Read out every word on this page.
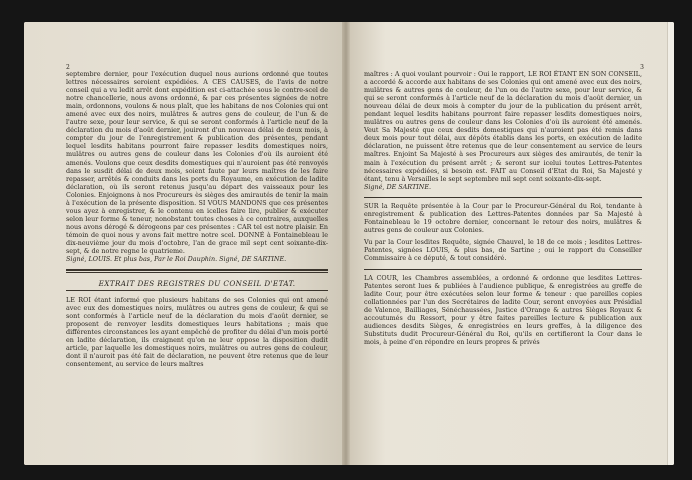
2

septembre dernier, pour l'exécution duquel nous aurions ordonné que toutes lettres nécessaires seroient expédiées. A CES CAUSES, de l'avis de notre conseil qui a vu ledit arrêt dont expédition est ci-attachée sous le contre-scel de notre chancellerie, nous avons ordonné, & par ces présentes signées de notre main, ordonnons, voulons & nous plaît, que les habitans de nos Colonies qui ont amené avec eux des noirs, mulâtres & autres gens de couleur, de l'un & de l'autre sexe, pour leur service, & qui se seront conformés à l'article neuf de la déclaration du mois d'août dernier, jouiront d'un nouveau délai de deux mois, à compter du jour de l'enregistrement & publication des présentes, pendant lequel lesdits habitans pourront faire repasser lesdits domestiques noirs, mulâtres ou autres gens de couleur dans les Colonies d'où ils auroient été amenés. Voulons que ceux desdits domestiques qui n'auroient pas été renvoyés dans le susdit délai de deux mois, soient faute par leurs maîtres de les faire repasser, arrêtés & conduits dans les ports du Royaume, en exécution de ladite déclaration, où ils seront retenus jusqu'au départ des vaisseaux pour les Colonies. Enjoignons à nos Procureurs ès sièges des amirautés de tenir la main à l'exécution de la présente disposition. SI VOUS MANDONS que ces présentes vous ayez à enregistrer, & le contenu en icelles faire lire, publier & exécuter selon leur forme & teneur, nonobstant toutes choses à ce contraires, auxquelles nous avons dérogé & dérogeons par ces présentes : CAR tel est notre plaisir. En témoin de quoi nous y avons fait mettre notre scel. DONNÉ à Fontainebleau le dix-neuvième jour du mois d'octobre, l'an de grace mil sept cent soixante-dix-sept, & de notre regne le quatrieme.

Signé, LOUIS. Et plus bas, Par le Roi Dauphin. Signé, DE SARTINE.

EXTRAIT DES REGISTRES DU CONSEIL D'ETAT.

LE ROI étant informé que plusieurs habitans de ses Colonies qui ont amené avec eux des domestiques noirs, mulâtres ou autres gens de couleur, & qui se sont conformés à l'article neuf de la déclaration du mois d'août dernier, se proposent de renvoyer lesdits domestiques leurs habitations ; mais que différentes circonstances les ayant empêché de profiter du délai d'un mois porté en ladite déclaration, ils craignent qu'on ne leur oppose la disposition dudit article, par laquelle les domestiques noirs, mulâtres ou autres gens de couleur, dont il n'auroit pas été fait de déclaration, ne peuvent être retenus que de leur consentement, au service de leurs maîtres

3

maîtres : A quoi voulant pourvoir : Oui le rapport, LE ROI ÉTANT EN SON CONSEIL, a accordé & accorde aux habitans de ses Colonies qui ont amené avec eux des noirs, mulâtres & autres gens de couleur, de l'un ou de l'autre sexe, pour leur service, & qui se seront conformés à l'article neuf de la déclaration du mois d'août dernier, un nouveau délai de deux mois à compter du jour de la publication du présent arrêt, pendant lequel lesdits habitans pourront faire repasser lesdits domestiques noirs, mulâtres ou autres gens de couleur dans les Colonies d'où ils auroient été amenés. Veut Sa Majesté que ceux desdits domestiques qui n'auroient pas été remis dans deux mois pour tout délai, aux dépôts établis dans les ports, en exécution de ladite déclaration, ne puissent être retenus que de leur consentement au service de leurs maîtres. Enjoint Sa Majesté à ses Procureurs aux sièges des amirautés, de tenir la main à l'exécution du présent arrêt ; & seront sur icelui toutes Lettres-Patentes nécessaires expédiées, si besoin est. FAIT au Conseil d'Etat du Roi, Sa Majesté y étant, tenu à Versailles le sept septembre mil sept cent soixante-dix-sept.

Signé, DE SARTINE.

SUR la Requête présentée à la Cour par le Procureur-Général du Roi, tendante à enregistrement & publication des Lettres-Patentes données par Sa Majesté à Fontainebleau le 19 octobre dernier, concernant le retour des noirs, mulâtres & autres gens de couleur aux Colonies.

Vu par la Cour lesdites Requête, signée Chauvel, le 18 de ce mois ; lesdites Lettres-Patentes, signées LOUIS, & plus bas, de Sartine ; oui le rapport du Conseiller Commissaire à ce député, & tout considéré.

LA COUR, les Chambres assemblées, a ordonné & ordonne que lesdites Lettres-Patentes seront lues & publiées à l'audience publique, & enregistrées au greffe de ladite Cour, pour être exécutées selon leur forme & teneur : que pareilles copies collationnées par l'un des Secrétaires de ladite Cour, seront envoyées aux Présidial de Valence, Bailliages, Sénéchaussées, Justice d'Orange & autres Sièges Royaux & accoutumés du Ressort, pour y être faites pareilles lecture & publication aux audiences desdits Sièges, & enregistrées en leurs greffes, à la diligence des Substituts dudit Procureur-Général du Roi, qu'ils en certifieront la Cour dans le mois, à peine d'en répondre en leurs propres & privés
